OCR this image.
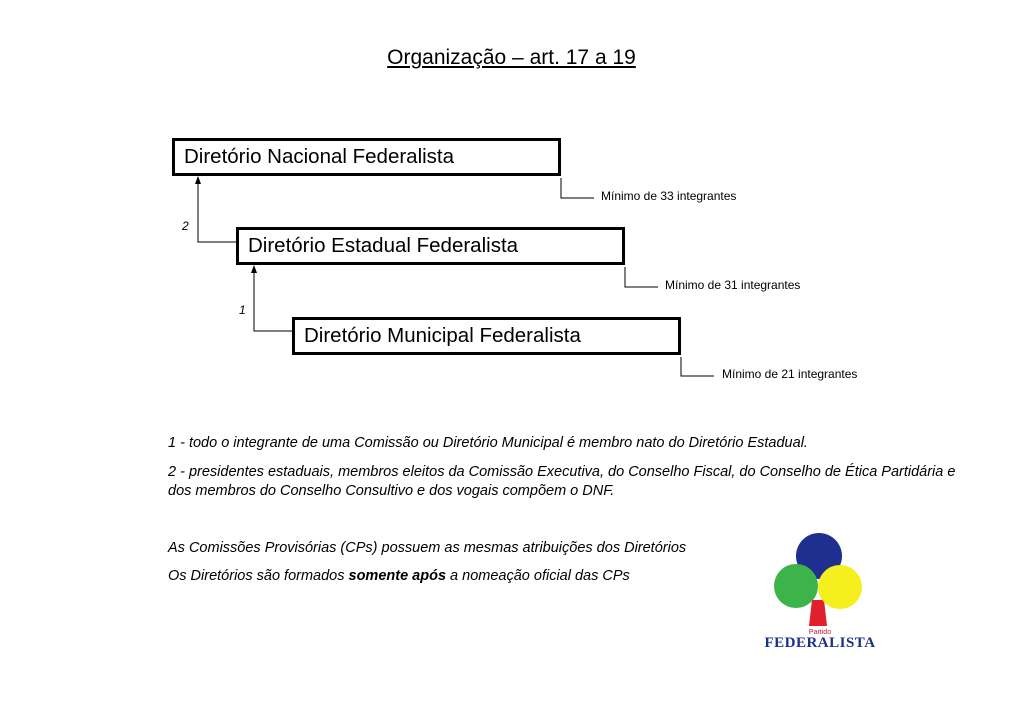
Organização – art. 17 a 19
Diretório Nacional Federalista
Diretório Estadual Federalista
Diretório Municipal Federalista
Mínimo de 33 integrantes
Mínimo de 31 integrantes
Mínimo de 21 integrantes
2
1
1 - todo o integrante de uma Comissão ou Diretório Municipal é membro nato do Diretório Estadual.
2 - presidentes estaduais, membros eleitos da Comissão Executiva, do Conselho Fiscal, do Conselho de Ética Partidária e dos membros do Conselho Consultivo e dos vogais compõem o DNF.
As Comissões Provisórias (CPs) possuem as mesmas atribuições dos Diretórios
Os Diretórios são formados somente após a nomeação oficial das CPs
Partido
FEDERALISTA
